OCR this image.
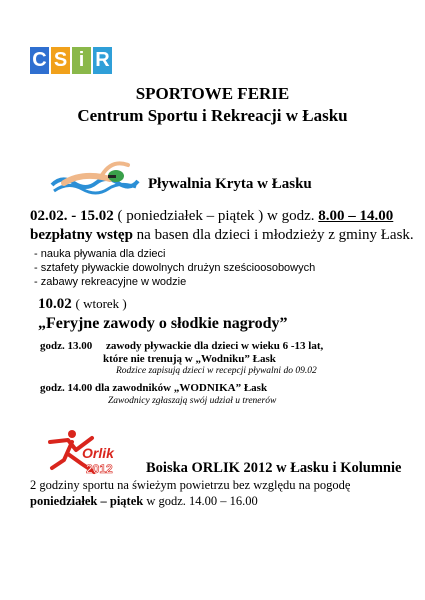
C S i R
SPORTOWE FERIE
Centrum Sportu i Rekreacji w Łasku
Pływalnia Kryta w Łasku
02.02. - 15.02 ( poniedziałek – piątek ) w godz. 8.00 – 14.00
bezpłatny wstęp na basen dla dzieci i młodzieży z gminy Łask.
- nauka pływania dla dzieci
- sztafety pływackie dowolnych drużyn sześcioosobowych
- zabawy rekreacyjne w wodzie
10.02 ( wtorek )
„Feryjne zawody o słodkie nagrody”
godz. 13.00     zawody pływackie dla dzieci w wieku 6 -13 lat,
które nie trenują w „Wodniku” Łask
Rodzice zapisują dzieci w recepcji pływalni do 09.02
godz. 14.00 dla zawodników „WODNIKA” Łask
Zawodnicy zgłaszają swój udział u trenerów
Orlik
2012 Boiska ORLIK 2012 w Łasku i Kolumnie
2 godziny sportu na świeżym powietrzu bez względu na pogodę
poniedziałek – piątek w godz. 14.00 – 16.00
